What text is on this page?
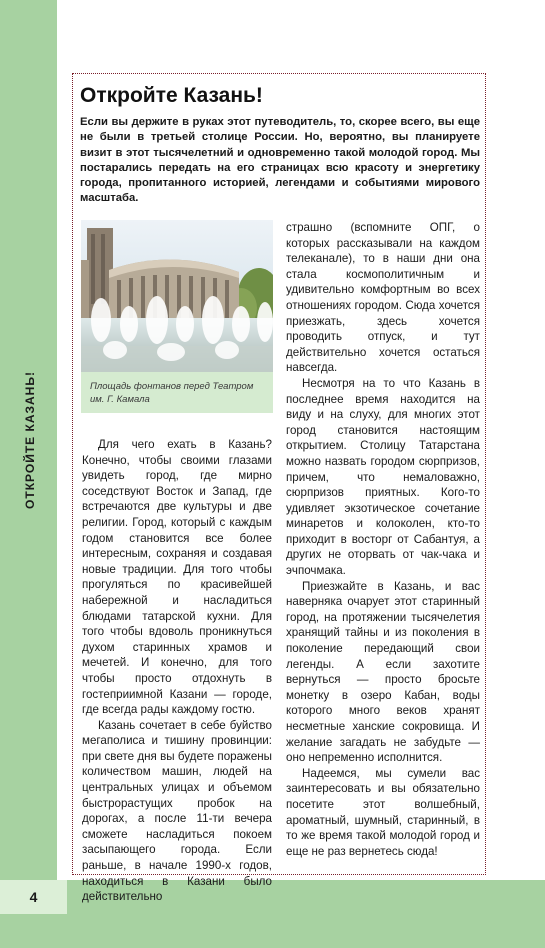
4
ОТКРОЙТЕ КАЗАНЬ!
Откройте Казань!
Если вы держите в руках этот путеводитель, то, скорее всего, вы еще не были в третьей столице России. Но, вероятно, вы планируете визит в этот тысячелетний и одновременно такой молодой город. Мы постарались передать на его страницах всю красоту и энергетику города, пропитанного историей, легендами и событиями мирового масштаба.
Площадь фонтанов перед Театром им. Г. Камала

Для чего ехать в Казань? Конечно, чтобы своими глазами увидеть город, где мирно соседствуют Восток и Запад, где встречаются две культуры и две религии. Город, который с каждым годом становится все более интересным, сохраняя и создавая новые традиции. Для того чтобы прогуляться по красивейшей набережной и насладиться блюдами татарской кухни. Для того чтобы вдоволь проникнуться духом старинных храмов и мечетей. И конечно, для того чтобы просто отдохнуть в гостеприимной Казани — городе, где всегда рады каждому гостю.

Казань сочетает в себе буйство мегаполиса и тишину провинции: при свете дня вы будете поражены количеством машин, людей на центральных улицах и объемом быстрорастущих пробок на дорогах, а после 11-ти вечера сможете насладиться покоем засыпающего города. Если раньше, в начале 1990-х годов, находиться в Казани было действительно

страшно (вспомните ОПГ, о которых рассказывали на каждом телеканале), то в наши дни она стала космополитичным и удивительно комфортным во всех отношениях городом. Сюда хочется приезжать, здесь хочется проводить отпуск, и тут действительно хочется остаться навсегда.

Несмотря на то что Казань в последнее время находится на виду и на слуху, для многих этот город становится настоящим открытием. Столицу Татарстана можно назвать городом сюрпризов, причем, что немаловажно, сюрпризов приятных. Кого-то удивляет экзотическое сочетание минаретов и колоколен, кто-то приходит в восторг от Сабантуя, а других не оторвать от чак-чака и эчпочмака.

Приезжайте в Казань, и вас наверняка очарует этот старинный город, на протяжении тысячелетия хранящий тайны и из поколения в поколение передающий свои легенды. А если захотите вернуться — просто бросьте монетку в озеро Кабан, воды которого много веков хранят несметные ханские сокровища. И желание загадать не забудьте — оно непременно исполнится.

Надеемся, мы сумели вас заинтересовать и вы обязательно посетите этот волшебный, ароматный, шумный, старинный, в то же время такой молодой город и еще не раз вернетесь сюда!
